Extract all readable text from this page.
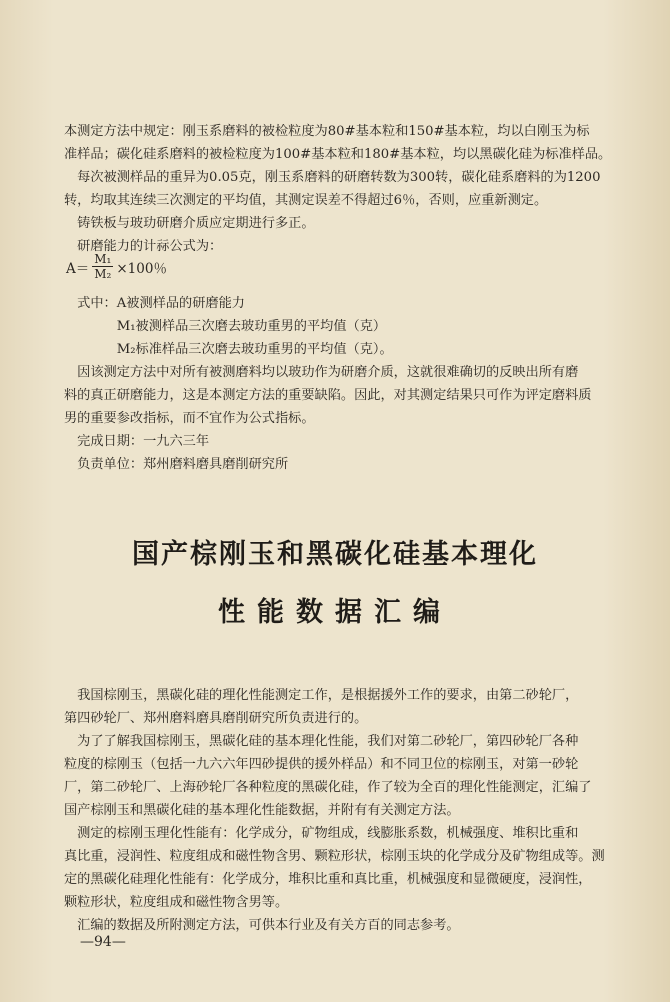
本测定方法中规定：刚玉系磨料的被检粒度为80#基本粒和150#基本粒，均以白刚玉为标
准样品；碳化硅系磨料的被检粒度为100#基本粒和180#基本粒，均以黑碳化硅为标准样品。
　每次被测样品的重异为0.05克，刚玉系磨料的研磨转数为300转，碳化硅系磨料的为1200
转，均取其连续三次测定的平均值，其测定误差不得超过6％，否则，应重新测定。
　铸铁板与玻玏研磨介质应定期进行多正。
　研磨能力的计祘公式为：
$A= \frac{\text{M₁}}{\text{M₂}} \times 100$％
　式中：A被测样品的研磨能力
　　　　M₁被测样品三次磨去玻玏重男的平均值（克）
　　　　M₂标准样品三次磨去玻玏重男的平均值（克）。
　因该测定方法中对所有被测磨料均以玻玏作为研磨介质，这就很难确切的反映出所有磨
料的真正研磨能力，这是本测定方法的重要缺陷。因此，对其测定结果只可作为评定磨料质
男的重要参改指标，而不宜作为公式指标。
　完成日期：一九六三年
　负责单位：郑州磨料磨具磨削研究所
国产棕刚玉和黑碳化硅基本理化
性能数据汇编
　我国棕刚玉，黑碳化硅的理化性能测定工作，是根据援外工作的要求，由第二砂轮厂，
第四砂轮厂、郑州磨料磨具磨削研究所负责进行的。
　为了了解我国棕刚玉，黑碳化硅的基本理化性能，我们对第二砂轮厂，第四砂轮厂各种
粒度的棕刚玉（包括一九六六年四砂提供的援外样品）和不同卫位的棕刚玉，对第一砂轮
厂，第二砂轮厂、上海砂轮厂各种粒度的黑碳化硅，作了较为全百的理化性能测定，汇编了
国产棕刚玉和黑碳化硅的基本理化性能数据，并附有有关测定方法。
　测定的棕刚玉理化性能有：化学成分，矿物组成，线膨胀系数，机械强度、堆积比重和
真比重，浸润性、粒度组成和磁性物含男、颗粒形状，棕刚玉块的化学成分及矿物组成等。测
定的黑碳化硅理化性能有：化学成分，堆积比重和真比重，机械强度和显微硬度，浸润性，
颗粒形状，粒度组成和磁性物含男等。
　汇编的数据及所附测定方法，可供本行业及有关方百的同志参考。
—94—
